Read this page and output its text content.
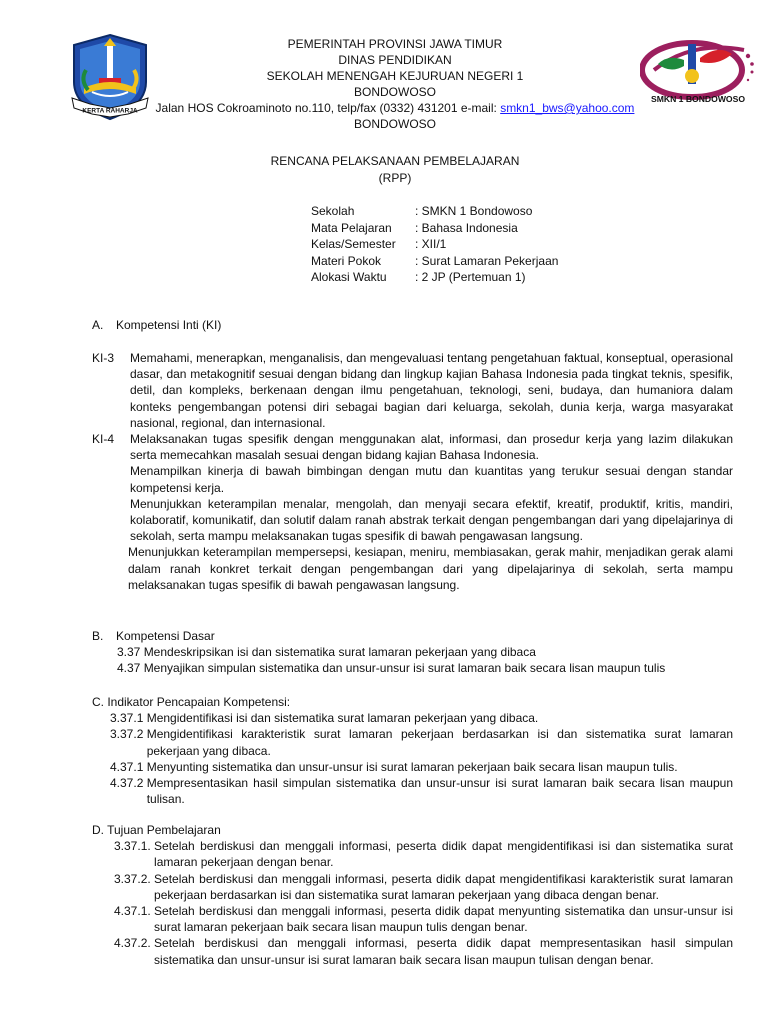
KERTA RAHARJA
PEMERINTAH PROVINSI JAWA TIMUR
DINAS PENDIDIKAN
SEKOLAH MENENGAH KEJURUAN NEGERI 1
BONDOWOSO
Jalan HOS Cokroaminoto no.110, telp/fax (0332) 431201 e-mail: smkn1_bws@yahoo.com
BONDOWOSO
SMKN 1 BONDOWOSO
RENCANA PELAKSANAAN PEMBELAJARAN
(RPP)
Sekolah	: SMKN 1 Bondowoso
Mata Pelajaran	: Bahasa Indonesia
Kelas/Semester	: XII/1
Materi Pokok	: Surat Lamaran Pekerjaan
Alokasi Waktu	: 2 JP (Pertemuan 1)
A.	Kompetensi Inti (KI)
KI-3	Memahami, menerapkan, menganalisis, dan mengevaluasi tentang pengetahuan faktual, konseptual, operasional dasar, dan metakognitif sesuai dengan bidang dan lingkup kajian Bahasa Indonesia pada tingkat teknis, spesifik, detil, dan kompleks, berkenaan dengan ilmu pengetahuan, teknologi, seni, budaya, dan humaniora dalam konteks pengembangan potensi diri sebagai bagian dari keluarga, sekolah, dunia kerja, warga masyarakat nasional, regional, dan internasional.

KI-4	Melaksanakan tugas spesifik dengan menggunakan alat, informasi, dan prosedur kerja yang lazim dilakukan serta memecahkan masalah sesuai dengan bidang kajian Bahasa Indonesia.

Menampilkan kinerja di bawah bimbingan dengan mutu dan kuantitas yang terukur sesuai dengan standar kompetensi kerja.

Menunjukkan keterampilan menalar, mengolah, dan menyaji secara efektif, kreatif, produktif, kritis, mandiri, kolaboratif, komunikatif, dan solutif dalam ranah abstrak terkait dengan pengembangan dari yang dipelajarinya di sekolah, serta mampu melaksanakan tugas spesifik di bawah pengawasan langsung.

Menunjukkan keterampilan mempersepsi, kesiapan, meniru, membiasakan, gerak mahir, menjadikan gerak alami dalam ranah konkret terkait dengan pengembangan dari yang dipelajarinya di sekolah, serta mampu melaksanakan tugas spesifik di bawah pengawasan langsung.

B.	Kompetensi Dasar

3.37 Mendeskripsikan isi dan sistematika surat lamaran pekerjaan yang dibaca

4.37 Menyajikan simpulan sistematika dan unsur-unsur isi surat lamaran baik secara lisan maupun tulis

C. Indikator Pencapaian Kompetensi:

3.37.1 Mengidentifikasi isi dan sistematika surat lamaran pekerjaan yang dibaca.
3.37.2 Mengidentifikasi karakteristik surat lamaran pekerjaan berdasarkan isi dan sistematika surat lamaran pekerjaan yang dibaca.
4.37.1 Menyunting sistematika dan unsur-unsur isi surat lamaran pekerjaan baik secara lisan maupun tulis.
4.37.2 Mempresentasikan hasil simpulan sistematika dan unsur-unsur isi surat lamaran baik secara lisan maupun tulisan.

D. Tujuan Pembelajaran

3.37.1. Setelah berdiskusi dan menggali informasi, peserta didik dapat mengidentifikasi isi dan sistematika surat lamaran pekerjaan dengan benar.
3.37.2. Setelah berdiskusi dan menggali informasi, peserta didik dapat mengidentifikasi karakteristik surat lamaran pekerjaan berdasarkan isi dan sistematika surat lamaran pekerjaan yang dibaca dengan benar.
4.37.1. Setelah berdiskusi dan menggali informasi, peserta didik dapat menyunting sistematika dan unsur-unsur isi surat lamaran pekerjaan baik secara lisan maupun tulis dengan benar.
4.37.2. Setelah berdiskusi dan menggali informasi, peserta didik dapat mempresentasikan hasil simpulan sistematika dan unsur-unsur isi surat lamaran baik secara lisan maupun tulisan dengan benar.
